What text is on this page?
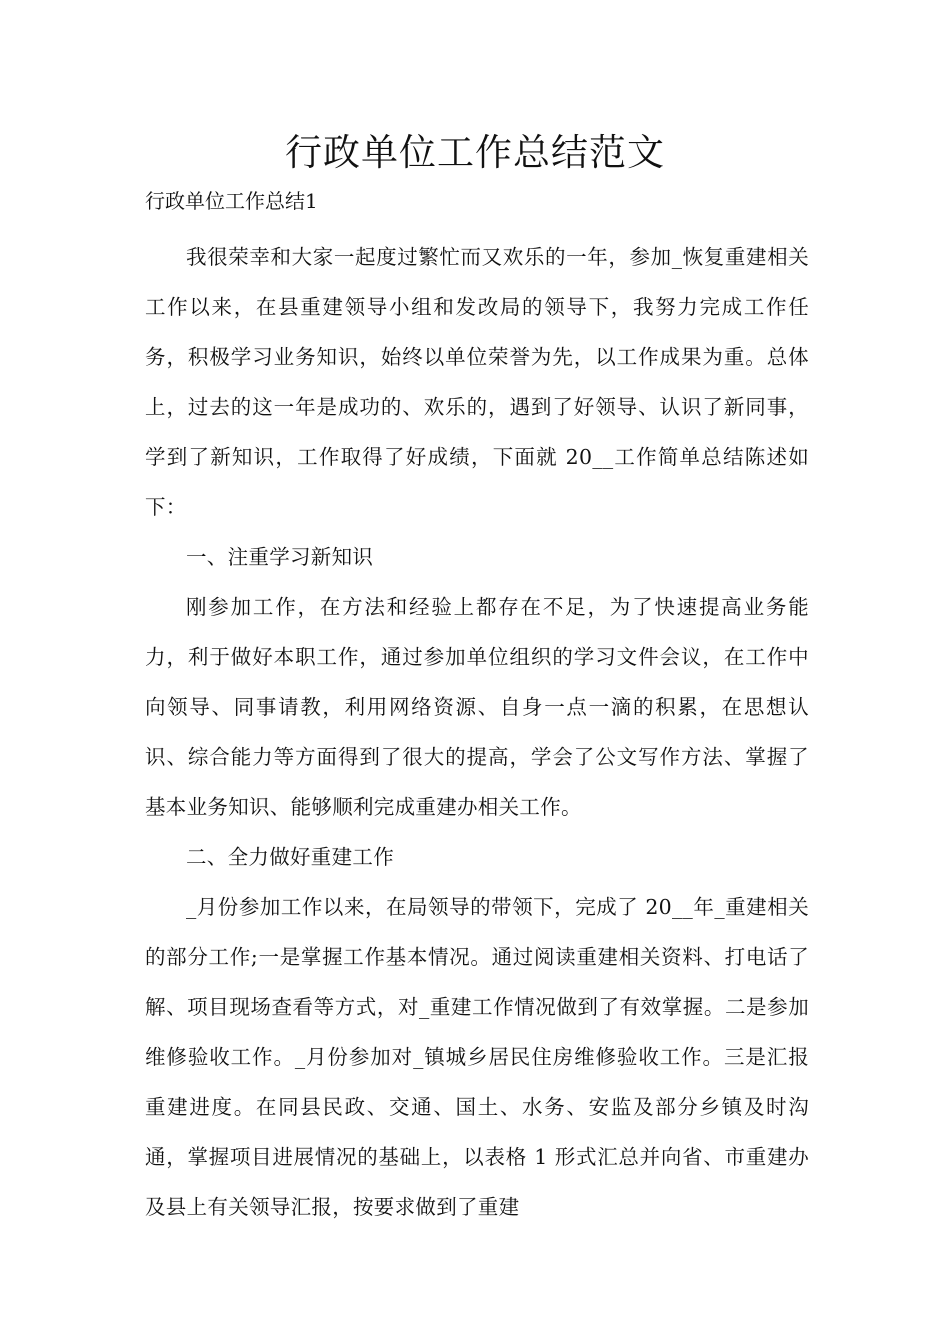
行政单位工作总结范文

行政单位工作总结1

我很荣幸和大家一起度过繁忙而又欢乐的一年，参加_恢复重建相关工作以来，在县重建领导小组和发改局的领导下，我努力完成工作任务，积极学习业务知识，始终以单位荣誉为先，以工作成果为重。总体上，过去的这一年是成功的、欢乐的，遇到了好领导、认识了新同事，学到了新知识，工作取得了好成绩，下面就 20__工作简单总结陈述如下：

一、注重学习新知识

刚参加工作，在方法和经验上都存在不足，为了快速提高业务能力，利于做好本职工作，通过参加单位组织的学习文件会议，在工作中向领导、同事请教，利用网络资源、自身一点一滴的积累，在思想认识、综合能力等方面得到了很大的提高，学会了公文写作方法、掌握了基本业务知识、能够顺利完成重建办相关工作。

二、全力做好重建工作

_月份参加工作以来，在局领导的带领下，完成了 20__年_重建相关的部分工作;一是掌握工作基本情况。通过阅读重建相关资料、打电话了解、项目现场查看等方式，对_重建工作情况做到了有效掌握。二是参加维修验收工作。_月份参加对_镇城乡居民住房维修验收工作。三是汇报重建进度。在同县民政、交通、国土、水务、安监及部分乡镇及时沟通，掌握项目进展情况的基础上，以表格 1 形式汇总并向省、市重建办及县上有关领导汇报，按要求做到了重建
